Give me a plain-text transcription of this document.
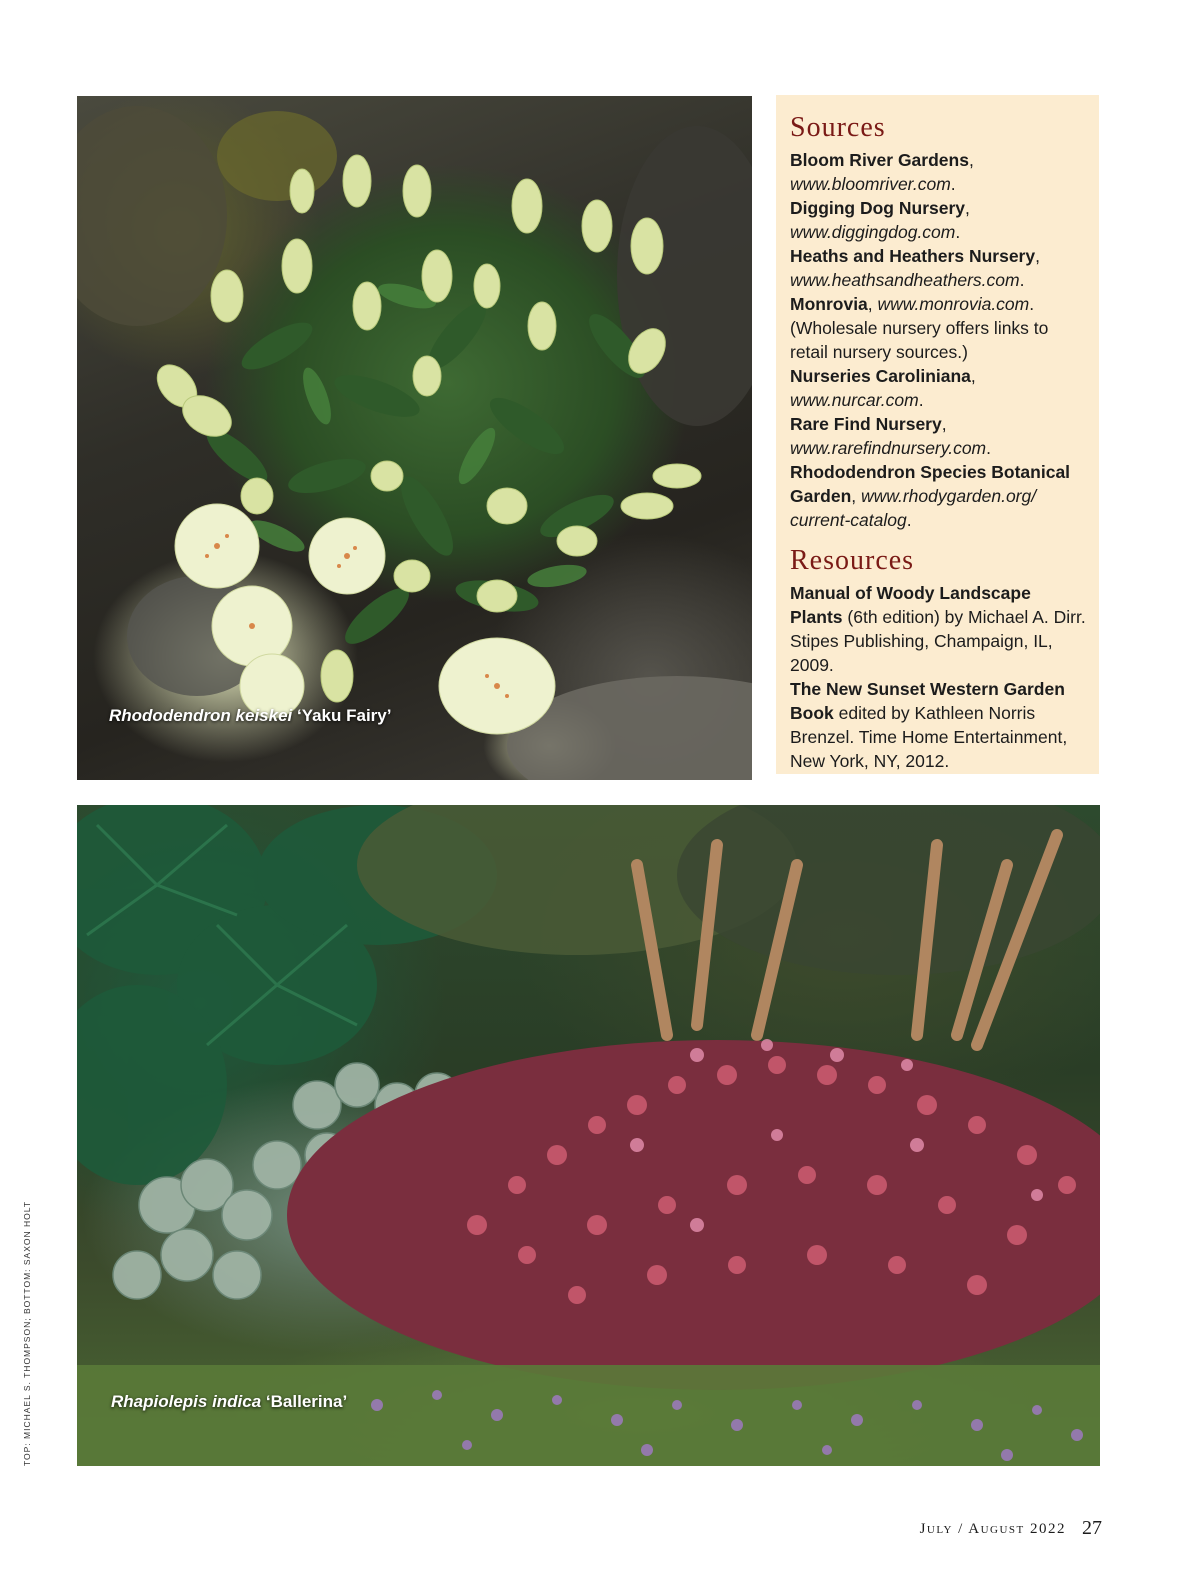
Rhododendron keiskei ‘Yaku Fairy’
Sources
Bloom River Gardens, www.bloomriver.com.
Digging Dog Nursery, www.diggingdog.com.
Heaths and Heathers Nursery, www.heathsandheathers.com.
Monrovia, www.monrovia.com. (Wholesale nursery offers links to retail nursery sources.)
Nurseries Caroliniana, www.nurcar.com.
Rare Find Nursery, www.rarefindnursery.com.
Rhododendron Species Botanical Garden, www.rhodygarden.org/ current-catalog.
Resources
Manual of Woody Landscape Plants (6th edition) by Michael A. Dirr. Stipes Publishing, Champaign, IL, 2009.
The New Sunset Western Garden Book edited by Kathleen Norris Brenzel. Time Home Entertainment, New York, NY, 2012.
Rhapiolepis indica ‘Ballerina’
TOP: MICHAEL S. THOMPSON; BOTTOM: SAXON HOLT
July / August 2022 27
